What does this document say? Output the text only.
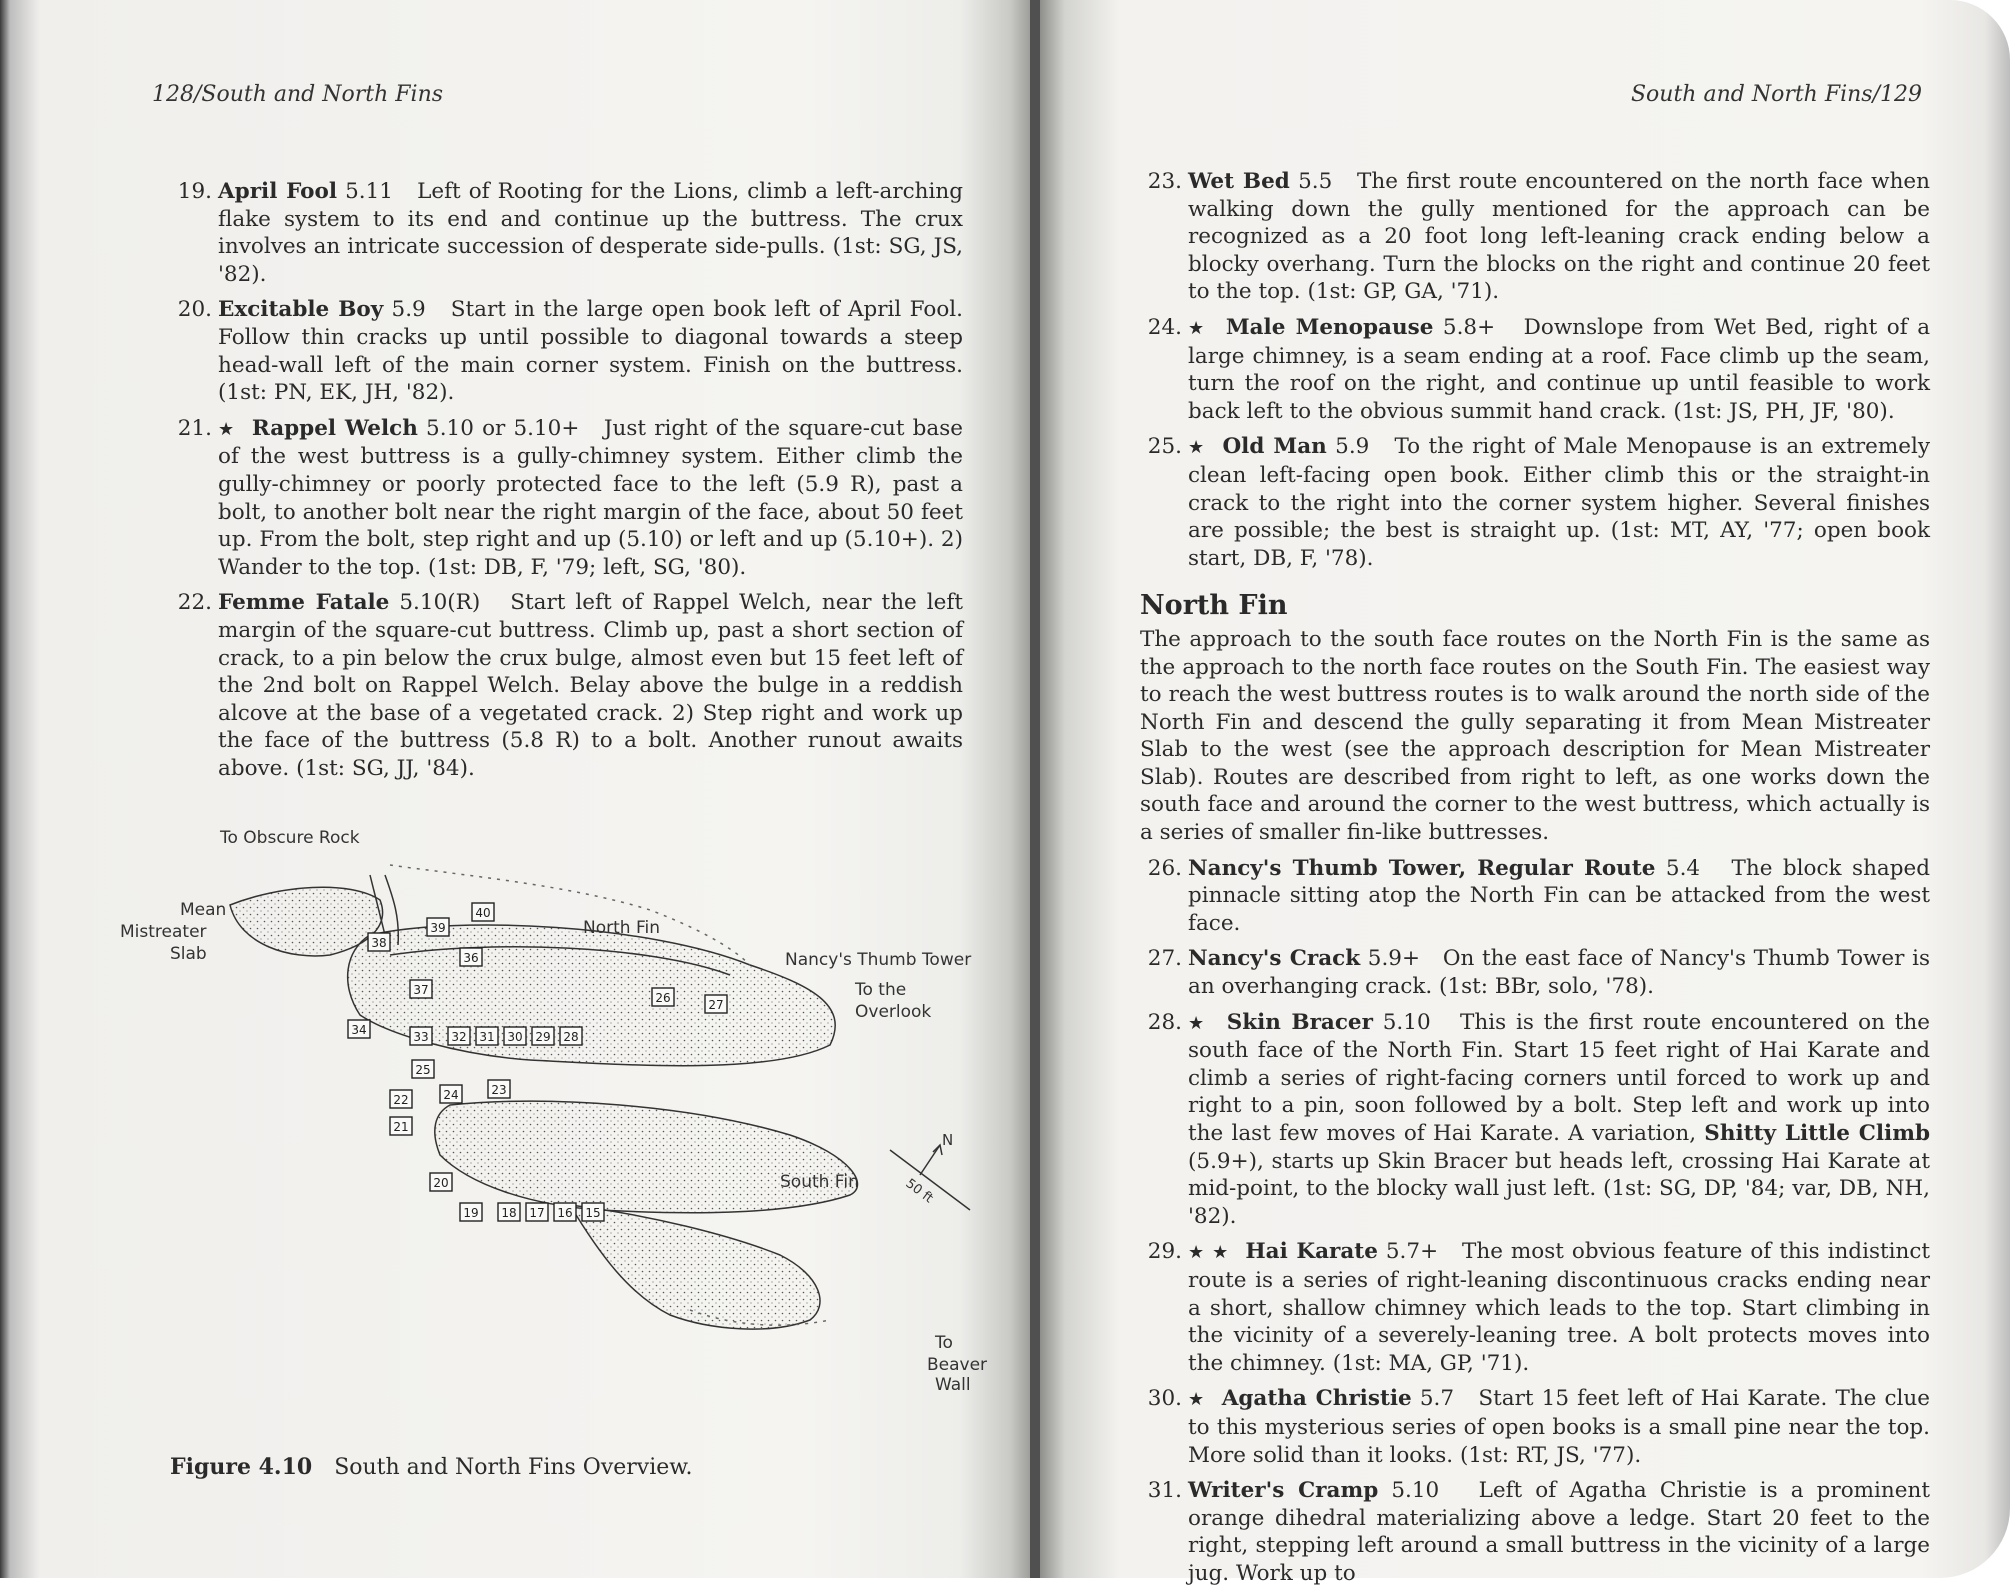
128/South and North Fins
19 . April Fool 5.11 Left of Rooting for the Lions, climb a left-arching flake system to its end and continue up the buttress. The crux involves an intricate succession of desperate side-pulls. (1st: SG, JS, '82).
20 . Excitable Boy 5.9 Start in the large open book left of April Fool. Follow thin cracks up until possible to diagonal towards a steep head-wall left of the main corner system. Finish on the buttress. (1st: PN, EK, JH, '82).
21 . ★ Rappel Welch 5.10 or 5.10+ Just right of the square-cut base of the west buttress is a gully-chimney system. Either climb the gully-chimney or poorly protected face to the left (5.9 R), past a bolt, to another bolt near the right margin of the face, about 50 feet up. From the bolt, step right and up (5.10) or left and up (5.10+). 2) Wander to the top. (1st: DB, F, '79; left, SG, '80).
22 . Femme Fatale 5.10(R) Start left of Rappel Welch, near the left margin of the square-cut buttress. Climb up, past a short section of crack, to a pin below the crux bulge, almost even but 15 feet left of the 2nd bolt on Rappel Welch. Belay above the bulge in a reddish alcove at the base of a vegetated crack. 2) Step right and work up the face of the buttress (5.8 R) to a bolt. Another runout awaits above. (1st: SG, JJ, '84).
40
39
38
36
37
34	33 32 31 30 29 28
26	27
25
24	23
22
21
20
19 18 17 16 15
To Obscure Rock
Mean
Mistreater
Slab
North Fin
Nancy's Thumb Tower
To the
Overlook
South Fin
To
Beaver
Wall
N
50 ft
Figure 4.10 South and North Fins Overview.
South and North Fins/129
23 . Wet Bed 5.5 The first route encountered on the north face when walking down the gully mentioned for the approach can be recognized as a 20 foot long left-leaning crack ending below a blocky overhang. Turn the blocks on the right and continue 20 feet to the top. (1st: GP, GA, '71).
24 . ★ Male Menopause 5.8+ Downslope from Wet Bed, right of a large chimney, is a seam ending at a roof. Face climb up the seam, turn the roof on the right, and continue up until feasible to work back left to the obvious summit hand crack. (1st: JS, PH, JF, '80).
25 . ★ Old Man 5.9 To the right of Male Menopause is an extremely clean left-facing open book. Either climb this or the straight-in crack to the right into the corner system higher. Several finishes are possible; the best is straight up. (1st: MT, AY, '77; open book start, DB, F, '78).
North Fin
The approach to the south face routes on the North Fin is the same as the approach to the north face routes on the South Fin. The easiest way to reach the west buttress routes is to walk around the north side of the North Fin and descend the gully separating it from Mean Mistreater Slab to the west (see the approach description for Mean Mistreater Slab). Routes are described from right to left, as one works down the south face and around the corner to the west buttress, which actually is a series of smaller fin-like buttresses.
26 . Nancy's Thumb Tower, Regular Route 5.4 The block shaped pinnacle sitting atop the North Fin can be attacked from the west face.
27 . Nancy's Crack 5.9+ On the east face of Nancy's Thumb Tower is an overhanging crack. (1st: BBr, solo, '78).
28 . ★ Skin Bracer 5.10 This is the first route encountered on the south face of the North Fin. Start 15 feet right of Hai Karate and climb a series of right-facing corners until forced to work up and right to a pin, soon followed by a bolt. Step left and work up into the last few moves of Hai Karate. A variation, Shitty Little Climb (5.9+), starts up Skin Bracer but heads left, crossing Hai Karate at mid-point, to the blocky wall just left. (1st: SG, DP, '84; var, DB, NH, '82).
29 . ★ ★ Hai Karate 5.7+ The most obvious feature of this indistinct route is a series of right-leaning discontinuous cracks ending near a short, shallow chimney which leads to the top. Start climbing in the vicinity of a severely-leaning tree. A bolt protects moves into the chimney. (1st: MA, GP, '71).
30 . ★ Agatha Christie 5.7 Start 15 feet left of Hai Karate. The clue to this mysterious series of open books is a small pine near the top. More solid than it looks. (1st: RT, JS, '77).
31 . Writer's Cramp 5.10 Left of Agatha Christie is a prominent orange dihedral materializing above a ledge. Start 20 feet to the right, stepping left around a small buttress in the vicinity of a large jug. Work up to
